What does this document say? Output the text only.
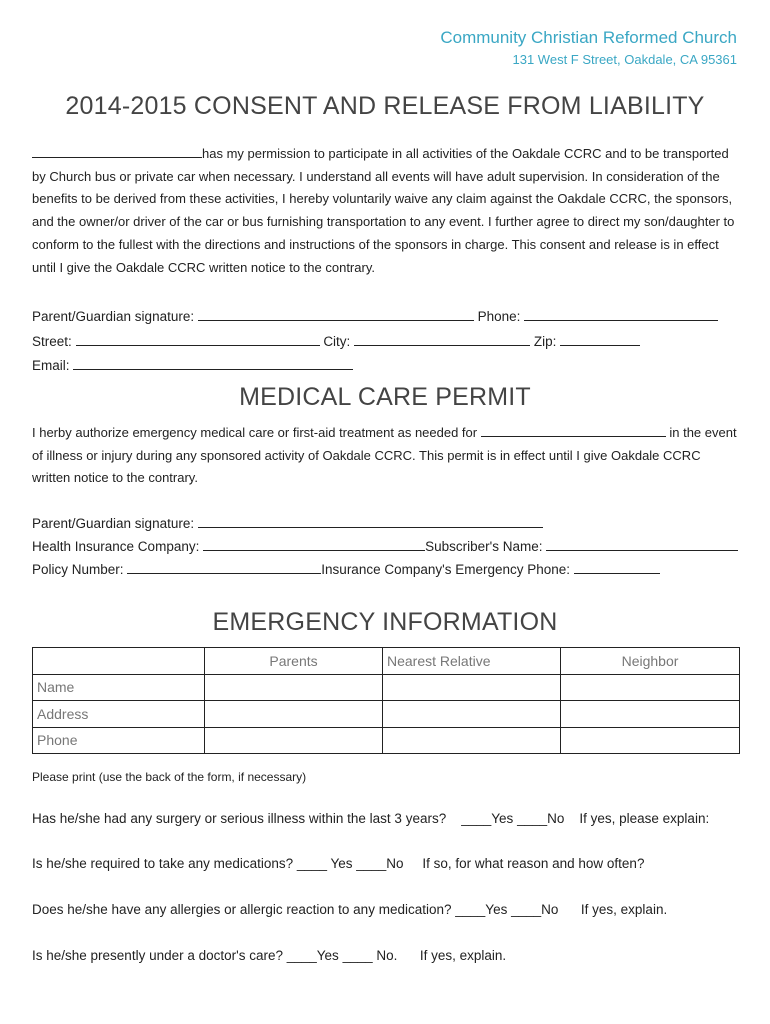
Community Christian Reformed Church
131 West F Street, Oakdale, CA 95361
2014-2015 CONSENT AND RELEASE FROM LIABILITY
has my permission to participate in all activities of the Oakdale CCRC and to be transported by Church bus or private car when necessary. I understand all events will have adult supervision. In consideration of the benefits to be derived from these activities, I hereby voluntarily waive any claim against the Oakdale CCRC, the sponsors, and the owner/or driver of the car or bus furnishing transportation to any event. I further agree to direct my son/daughter to conform to the fullest with the directions and instructions of the sponsors in charge. This consent and release is in effect until I give the Oakdale CCRC written notice to the contrary.
Parent/Guardian signature:	Phone:
Street:	City:	Zip:
Email:
MEDICAL CARE PERMIT
I herby authorize emergency medical care or first-aid treatment as needed for	in the event of illness or injury during any sponsored activity of Oakdale CCRC. This permit is in effect until I give Oakdale CCRC written notice to the contrary.
Parent/Guardian signature:
Health Insurance Company:	Subscriber's Name:
Policy Number:	Insurance Company's Emergency Phone:
EMERGENCY INFORMATION
	Parents	Nearest Relative	Neighbor
Name			
Address			
Phone			
Please print (use the back of the form, if necessary)
Has he/she had any surgery or serious illness within the last 3 years? ____Yes ____No If yes, please explain:
Is he/she required to take any medications? ____ Yes ____No If so, for what reason and how often?
Does he/she have any allergies or allergic reaction to any medication? ____Yes ____No If yes, explain.
Is he/she presently under a doctor's care? ____Yes ____ No. If yes, explain.
